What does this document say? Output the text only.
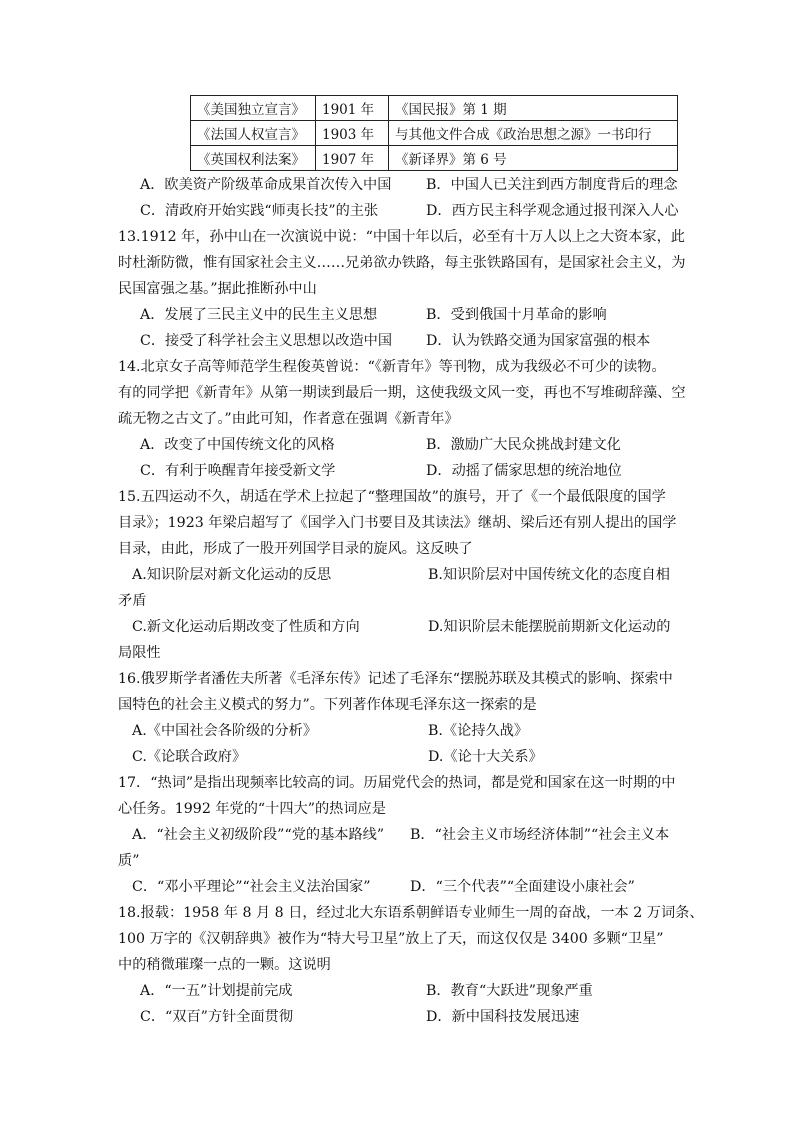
《美国独立宣言》	1901 年	《国民报》第 1 期
《法国人权宣言》	1903 年	与其他文件合成《政治思想之源》一书印行
《英国权利法案》	1907 年	《新译界》第 6 号
A．欧美资产阶级革命成果首次传入中国 B．中国人已关注到西方制度背后的理念
C．清政府开始实践“师夷长技”的主张	D．西方民主科学观念通过报刊深入人心
13.1912 年，孙中山在一次演说中说：“中国十年以后，必至有十万人以上之大资本家，此
时杜渐防微，惟有国家社会主义……兄弟欲办铁路，每主张铁路国有，是国家社会主义，为
民国富强之基。”据此推断孙中山
A．发展了三民主义中的民生主义思想	B．受到俄国十月革命的影响
C．接受了科学社会主义思想以改造中国 D．认为铁路交通为国家富强的根本
14.北京女子高等师范学生程俊英曾说：“《新青年》等刊物，成为我级必不可少的读物。
有的同学把《新青年》从第一期读到最后一期，这使我级文风一变，再也不写堆砌辞藻、空
疏无物之古文了。”由此可知，作者意在强调《新青年》
A．改变了中国传统文化的风格	B．激励广大民众挑战封建文化
C．有利于唤醒青年接受新文学	D．动摇了儒家思想的统治地位
15.五四运动不久，胡适在学术上拉起了“整理国故”的旗号，开了《一个最低限度的国学
目录》；1923 年梁启超写了《国学入门书要目及其读法》继胡、梁后还有别人提出的国学
目录，由此，形成了一股开列国学目录的旋风。这反映了
A.知识阶层对新文化运动的反思	B.知识阶层对中国传统文化的态度自相
矛盾
C.新文化运动后期改变了性质和方向	D.知识阶层未能摆脱前期新文化运动的
局限性
16.俄罗斯学者潘佐夫所著《毛泽东传》记述了毛泽东“摆脱苏联及其模式的影响、探索中
国特色的社会主义模式的努力”。下列著作体现毛泽东这一探索的是
A.《中国社会各阶级的分析》	B.《论持久战》
C.《论联合政府》	D.《论十大关系》
17．“热词”是指出现频率比较高的词。历届党代会的热词，都是党和国家在这一时期的中
心任务。1992 年党的“十四大”的热词应是
A．“社会主义初级阶段”“党的基本路线” B．“社会主义市场经济体制”“社会主义本
质”
C．“邓小平理论”“社会主义法治国家”	D．“三个代表”“全面建设小康社会”
18.报载：1958 年 8 月 8 日，经过北大东语系朝鲜语专业师生一周的奋战，一本 2 万词条、
100 万字的《汉朝辞典》被作为“特大号卫星”放上了天，而这仅仅是 3400 多颗“卫星”
中的稍微璀璨一点的一颗。这说明
A．“一五”计划提前完成	B．教育“大跃进”现象严重
C．“双百”方针全面贯彻	D．新中国科技发展迅速
